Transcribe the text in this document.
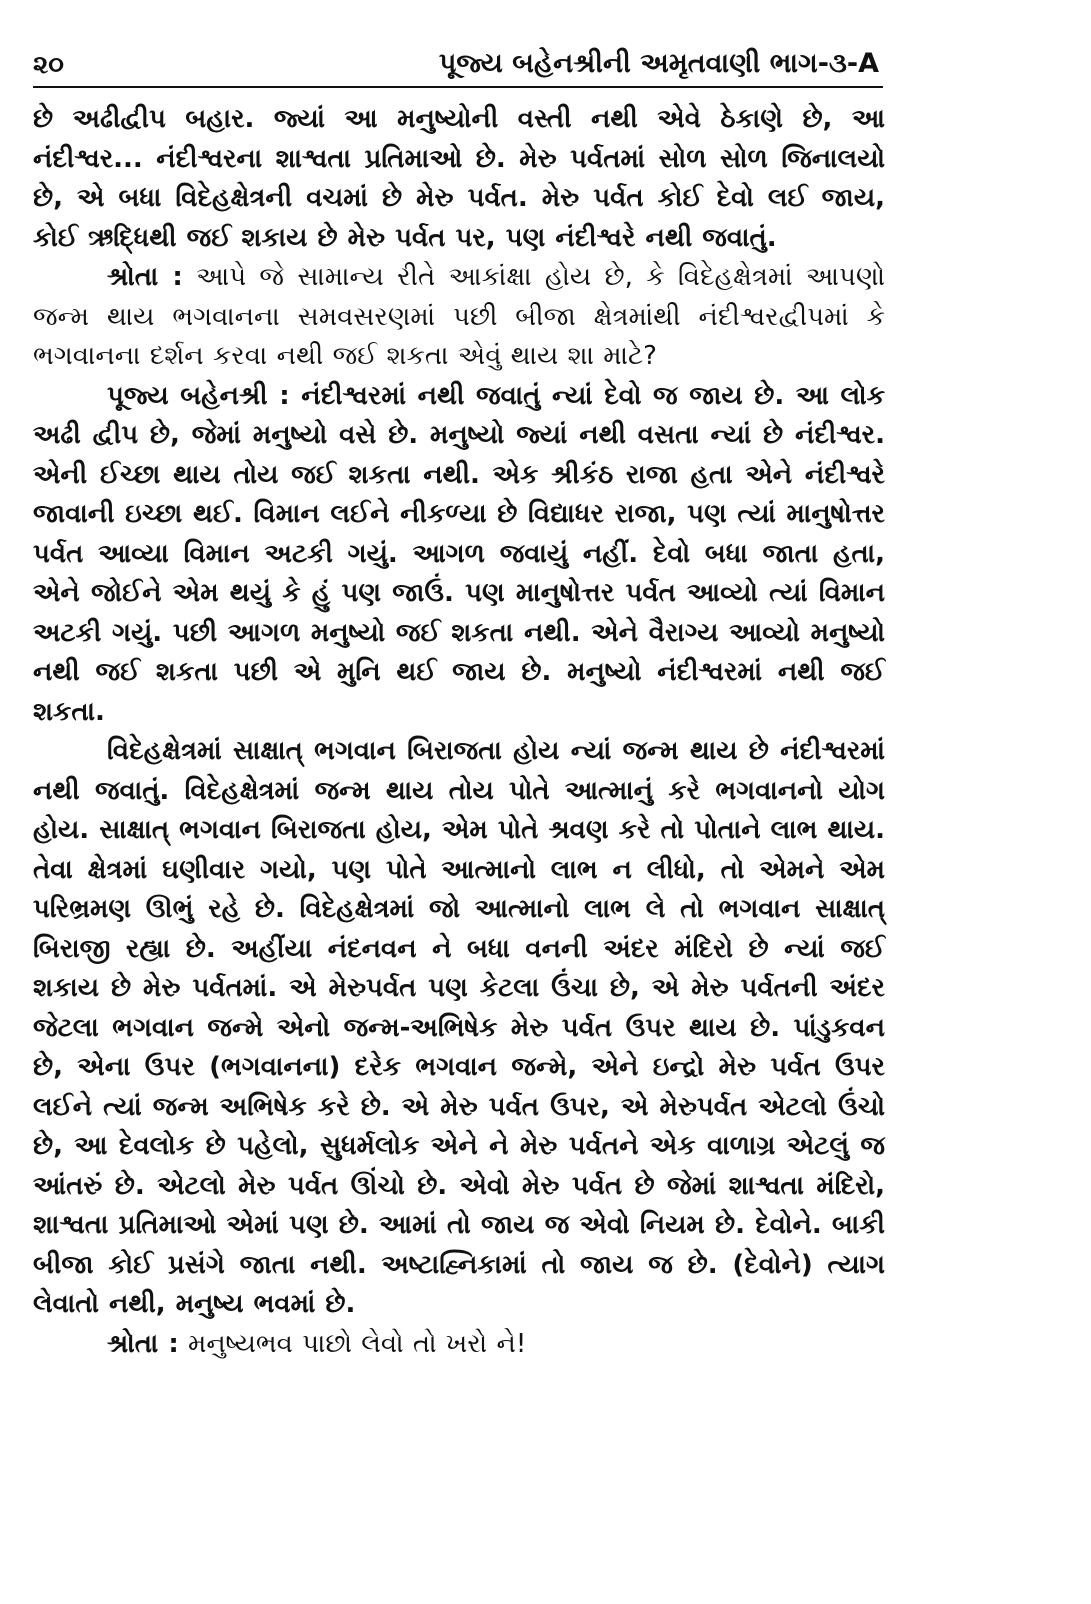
૨૦	પૂજ્ય બહેનશ્રીની અમૃતવાણી ભાગ-૩-A

છે અઢીદ્વીપ બહાર. જ્યાં આ મનુષ્યોની વસ્તી નથી એવે ઠેકાણે છે, આ નંદીશ્વર... નંદીશ્વરના શાશ્વતા પ્રતિમાઓ છે. મેરુ પર્વતમાં સોળ સોળ જિનાલયો છે, એ બધા વિદેહક્ષેત્રની વચમાં છે મેરુ પર્વત. મેરુ પર્વત કોઈ દેવો લઈ જાય, કોઈ ઋદ્ધિથી જઈ શકાય છે મેરુ પર્વત પર, પણ નંદીશ્વરે નથી જવાતું.

શ્રોતા : આપે જે સામાન્ય રીતે આકાંક્ષા હોય છે, કે વિદેહક્ષેત્રમાં આપણો જન્મ થાય ભગવાનના સમવસરણમાં પછી બીજા ક્ષેત્રમાંથી નંદીશ્વરદ્વીપમાં કે ભગવાનના દર્શન કરવા નથી જઈ શકતા એવું થાય શા માટે?

પૂજ્ય બહેનશ્રી : નંદીશ્વરમાં નથી જવાતું ન્યાં દેવો જ જાય છે. આ લોક અઢી દ્વીપ છે, જેમાં મનુષ્યો વસે છે. મનુષ્યો જ્યાં નથી વસતા ન્યાં છે નંદીશ્વર. એની ઈચ્છા થાય તોય જઈ શકતા નથી. એક શ્રીકંઠ રાજા હતા એને નંદીશ્વરે જાવાની ઇચ્છા થઈ. વિમાન લઈને નીકળ્યા છે વિદ્યાધર રાજા, પણ ત્યાં માનુષોત્તર પર્વત આવ્યા વિમાન અટકી ગયું. આગળ જવાયું નહીં. દેવો બધા જાતા હતા, એને જોઈને એમ થયું કે હું પણ જાઉં. પણ માનુષોત્તર પર્વત આવ્યો ત્યાં વિમાન અટકી ગયું. પછી આગળ મનુષ્યો જઈ શકતા નથી. એને વૈરાગ્ય આવ્યો મનુષ્યો નથી જઈ શકતા પછી એ મુનિ થઈ જાય છે. મનુષ્યો નંદીશ્વરમાં નથી જઈ શકતા.

વિદેહક્ષેત્રમાં સાક્ષાત્ ભગવાન બિરાજતા હોય ન્યાં જન્મ થાય છે નંદીશ્વરમાં નથી જવાતું. વિદેહક્ષેત્રમાં જન્મ થાય તોય પોતે આત્માનું કરે ભગવાનનો યોગ હોય. સાક્ષાત્ ભગવાન બિરાજતા હોય, એમ પોતે શ્રવણ કરે તો પોતાને લાભ થાય. તેવા ક્ષેત્રમાં ઘણીવાર ગયો, પણ પોતે આત્માનો લાભ ન લીધો, તો એમને એમ પરિભ્રમણ ઊભું રહે છે. વિદેહક્ષેત્રમાં જો આત્માનો લાભ લે તો ભગવાન સાક્ષાત્ બિરાજી રહ્યા છે. અહીંયા નંદનવન ને બધા વનની અંદર મંદિરો છે ન્યાં જઈ શકાય છે મેરુ પર્વતમાં. એ મેરુપર્વત પણ કેટલા ઉંચા છે, એ મેરુ પર્વતની અંદર જેટલા ભગવાન જન્મે એનો જન્મ-અભિષેક મેરુ પર્વત ઉપર થાય છે. પાંડુકવન છે, એના ઉપર (ભગવાનના) દરેક ભગવાન જન્મે, એને ઇન્દ્રો મેરુ પર્વત ઉપર લઈને ત્યાં જન્મ અભિષેક કરે છે. એ મેરુ પર્વત ઉપર, એ મેરુપર્વત એટલો ઉંચો છે, આ દેવલોક છે પહેલો, સુધર્મલોક એને ને મેરુ પર્વતને એક વાળાગ્ર એટલું જ આંતરું છે. એટલો મેરુ પર્વત ઊંચો છે. એવો મેરુ પર્વત છે જેમાં શાશ્વતા મંદિરો, શાશ્વતા પ્રતિમાઓ એમાં પણ છે. આમાં તો જાય જ એવો નિયમ છે. દેવોને. બાકી બીજા કોઈ પ્રસંગે જાતા નથી. અષ્ટાહ્નિકામાં તો જાય જ છે. (દેવોને) ત્યાગ લેવાતો નથી, મનુષ્ય ભવમાં છે.

શ્રોતા : મનુષ્યભવ પાછો લેવો તો ખરો ને!
